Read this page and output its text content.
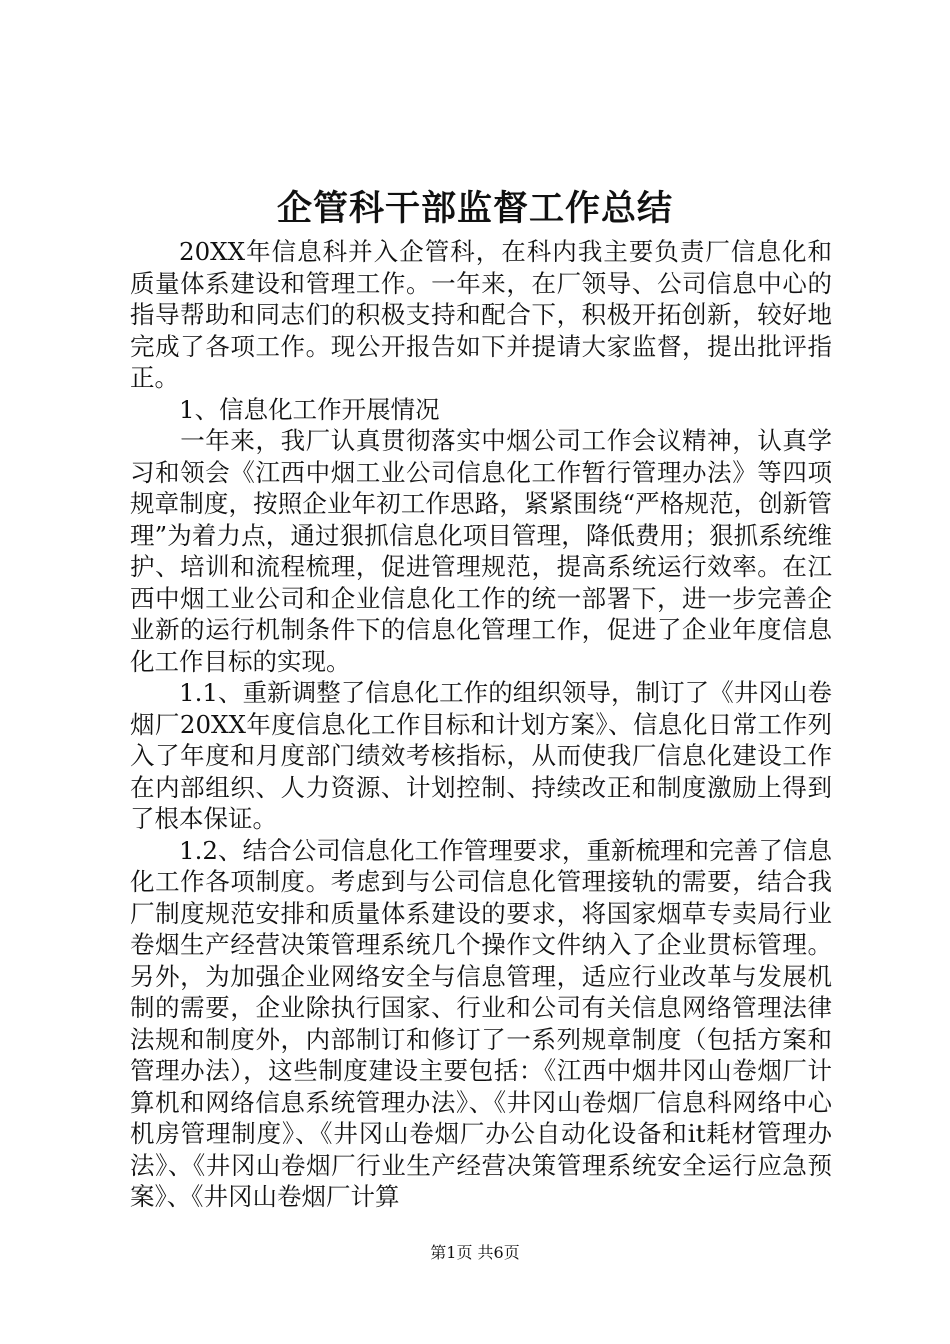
企管科干部监督工作总结

20XX年信息科并入企管科，在科内我主要负责厂信息化和质量体系建设和管理工作。一年来，在厂领导、公司信息中心的指导帮助和同志们的积极支持和配合下，积极开拓创新，较好地完成了各项工作。现公开报告如下并提请大家监督，提出批评指正。

1、信息化工作开展情况

一年来，我厂认真贯彻落实中烟公司工作会议精神，认真学习和领会《江西中烟工业公司信息化工作暂行管理办法》等四项规章制度，按照企业年初工作思路，紧紧围绕“严格规范，创新管理”为着力点，通过狠抓信息化项目管理，降低费用；狠抓系统维护、培训和流程梳理，促进管理规范，提高系统运行效率。在江西中烟工业公司和企业信息化工作的统一部署下，进一步完善企业新的运行机制条件下的信息化管理工作，促进了企业年度信息化工作目标的实现。

1.1、重新调整了信息化工作的组织领导，制订了《井冈山卷烟厂20XX年度信息化工作目标和计划方案》、信息化日常工作列入了年度和月度部门绩效考核指标，从而使我厂信息化建设工作在内部组织、人力资源、计划控制、持续改正和制度激励上得到了根本保证。

1.2、结合公司信息化工作管理要求，重新梳理和完善了信息化工作各项制度。考虑到与公司信息化管理接轨的需要，结合我厂制度规范安排和质量体系建设的要求，将国家烟草专卖局行业卷烟生产经营决策管理系统几个操作文件纳入了企业贯标管理。另外，为加强企业网络安全与信息管理，适应行业改革与发展机制的需要，企业除执行国家、行业和公司有关信息网络管理法律法规和制度外，内部制订和修订了一系列规章制度（包括方案和管理办法），这些制度建设主要包括：《江西中烟井冈山卷烟厂计算机和网络信息系统管理办法》、《井冈山卷烟厂信息科网络中心机房管理制度》、《井冈山卷烟厂办公自动化设备和it耗材管理办法》、《井冈山卷烟厂行业生产经营决策管理系统安全运行应急预案》、《井冈山卷烟厂计算

第1页 共6页
